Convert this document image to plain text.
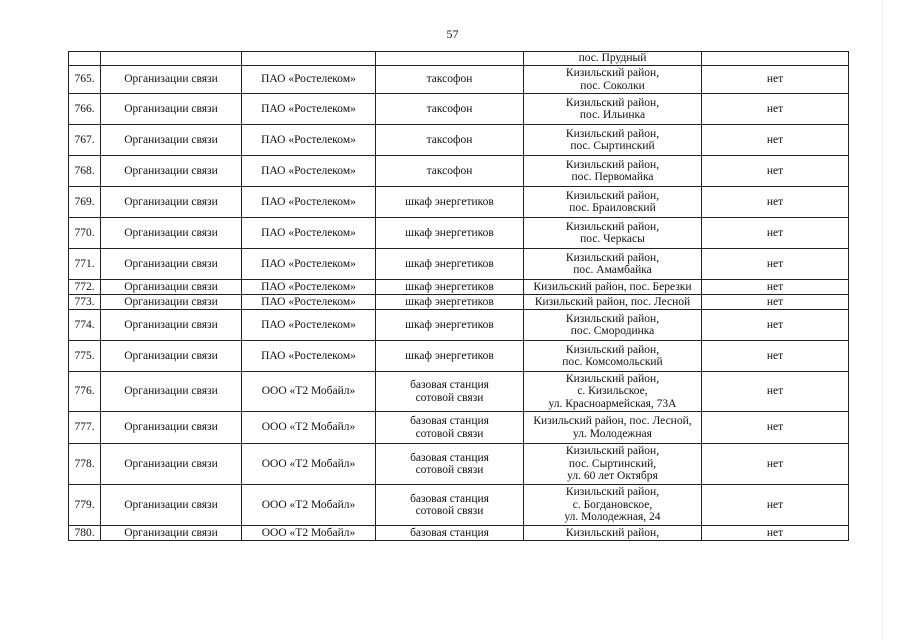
57
				пос. Прудный	
765.	Организации связи	ПАО «Ростелеком»	таксофон	Кизильский район,
пос. Соколки	нет
766.	Организации связи	ПАО «Ростелеком»	таксофон	Кизильский район,
пос. Ильинка	нет
767.	Организации связи	ПАО «Ростелеком»	таксофон	Кизильский район,
пос. Сыртинский	нет
768.	Организации связи	ПАО «Ростелеком»	таксофон	Кизильский район,
пос. Первомайка	нет
769.	Организации связи	ПАО «Ростелеком»	шкаф энергетиков	Кизильский район,
пос. Браиловский	нет
770.	Организации связи	ПАО «Ростелеком»	шкаф энергетиков	Кизильский район,
пос. Черкасы	нет
771.	Организации связи	ПАО «Ростелеком»	шкаф энергетиков	Кизильский район,
пос. Амамбайка	нет
772.	Организации связи	ПАО «Ростелеком»	шкаф энергетиков	Кизильский район, пос. Березки	нет
773.	Организации связи	ПАО «Ростелеком»	шкаф энергетиков	Кизильский район, пос. Лесной	нет
774.	Организации связи	ПАО «Ростелеком»	шкаф энергетиков	Кизильский район,
пос. Смородинка	нет
775.	Организации связи	ПАО «Ростелеком»	шкаф энергетиков	Кизильский район,
пос. Комсомольский	нет
776.	Организации связи	ООО «Т2 Мобайл»	базовая станция
сотовой связи	Кизильский район,
с. Кизильское,
ул. Красноармейская, 73А	нет
777.	Организации связи	ООО «Т2 Мобайл»	базовая станция
сотовой связи	Кизильский район, пос. Лесной,
ул. Молодежная	нет
778.	Организации связи	ООО «Т2 Мобайл»	базовая станция
сотовой связи	Кизильский район,
пос. Сыртинский,
ул. 60 лет Октября	нет
779.	Организации связи	ООО «Т2 Мобайл»	базовая станция
сотовой связи	Кизильский район,
с. Богдановское,
ул. Молодежная, 24	нет
780.	Организации связи	ООО «Т2 Мобайл»	базовая станция	Кизильский район,	нет
